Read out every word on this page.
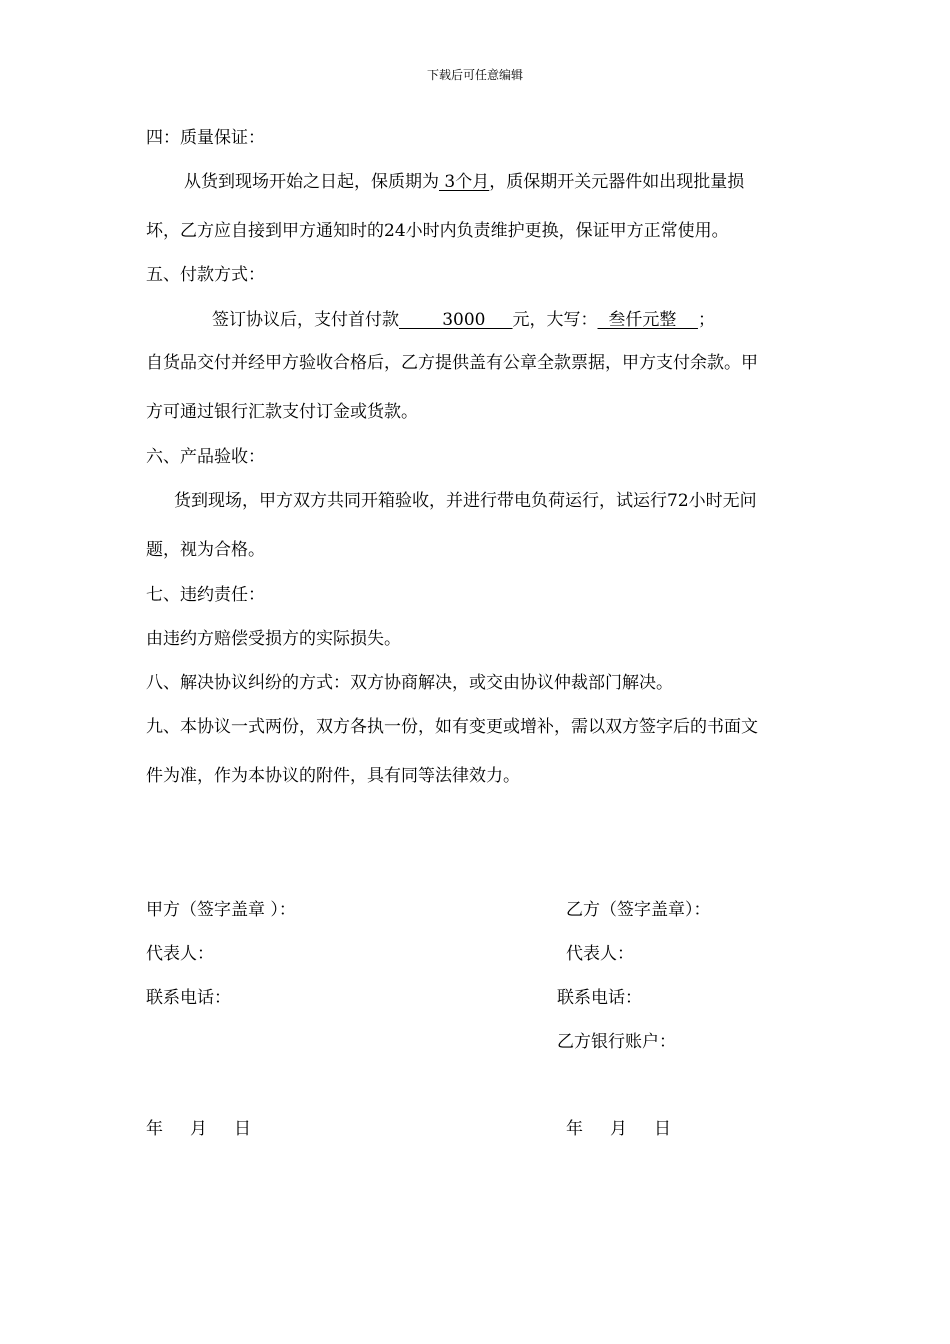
下载后可任意编辑
四：质量保证：
从货到现场开始之日起，保质期为 3个月，质保期开关元器件如出现批量损
坏，乙方应自接到甲方通知时的24小时内负责维护更换，保证甲方正常使用。
五、付款方式：
签订协议后，支付首付款        3000     元，大写：  叁仟元整    ；
自货品交付并经甲方验收合格后，乙方提供盖有公章全款票据，甲方支付余款。甲
方可通过银行汇款支付订金或货款。
六、产品验收：
货到现场，甲方双方共同开箱验收，并进行带电负荷运行，试运行72小时无问
题，视为合格。
七、违约责任：
由违约方赔偿受损方的实际损失。
八、解决协议纠纷的方式：双方协商解决，或交由协议仲裁部门解决。
九、本协议一式两份，双方各执一份，如有变更或增补，需以双方签字后的书面文
件为准，作为本协议的附件，具有同等法律效力。
甲方（签字盖章 ）：
代表人：
联系电话：
年     月     日
乙方（签字盖章）：
代表人：
联系电话：
乙方银行账户：
年     月     日
